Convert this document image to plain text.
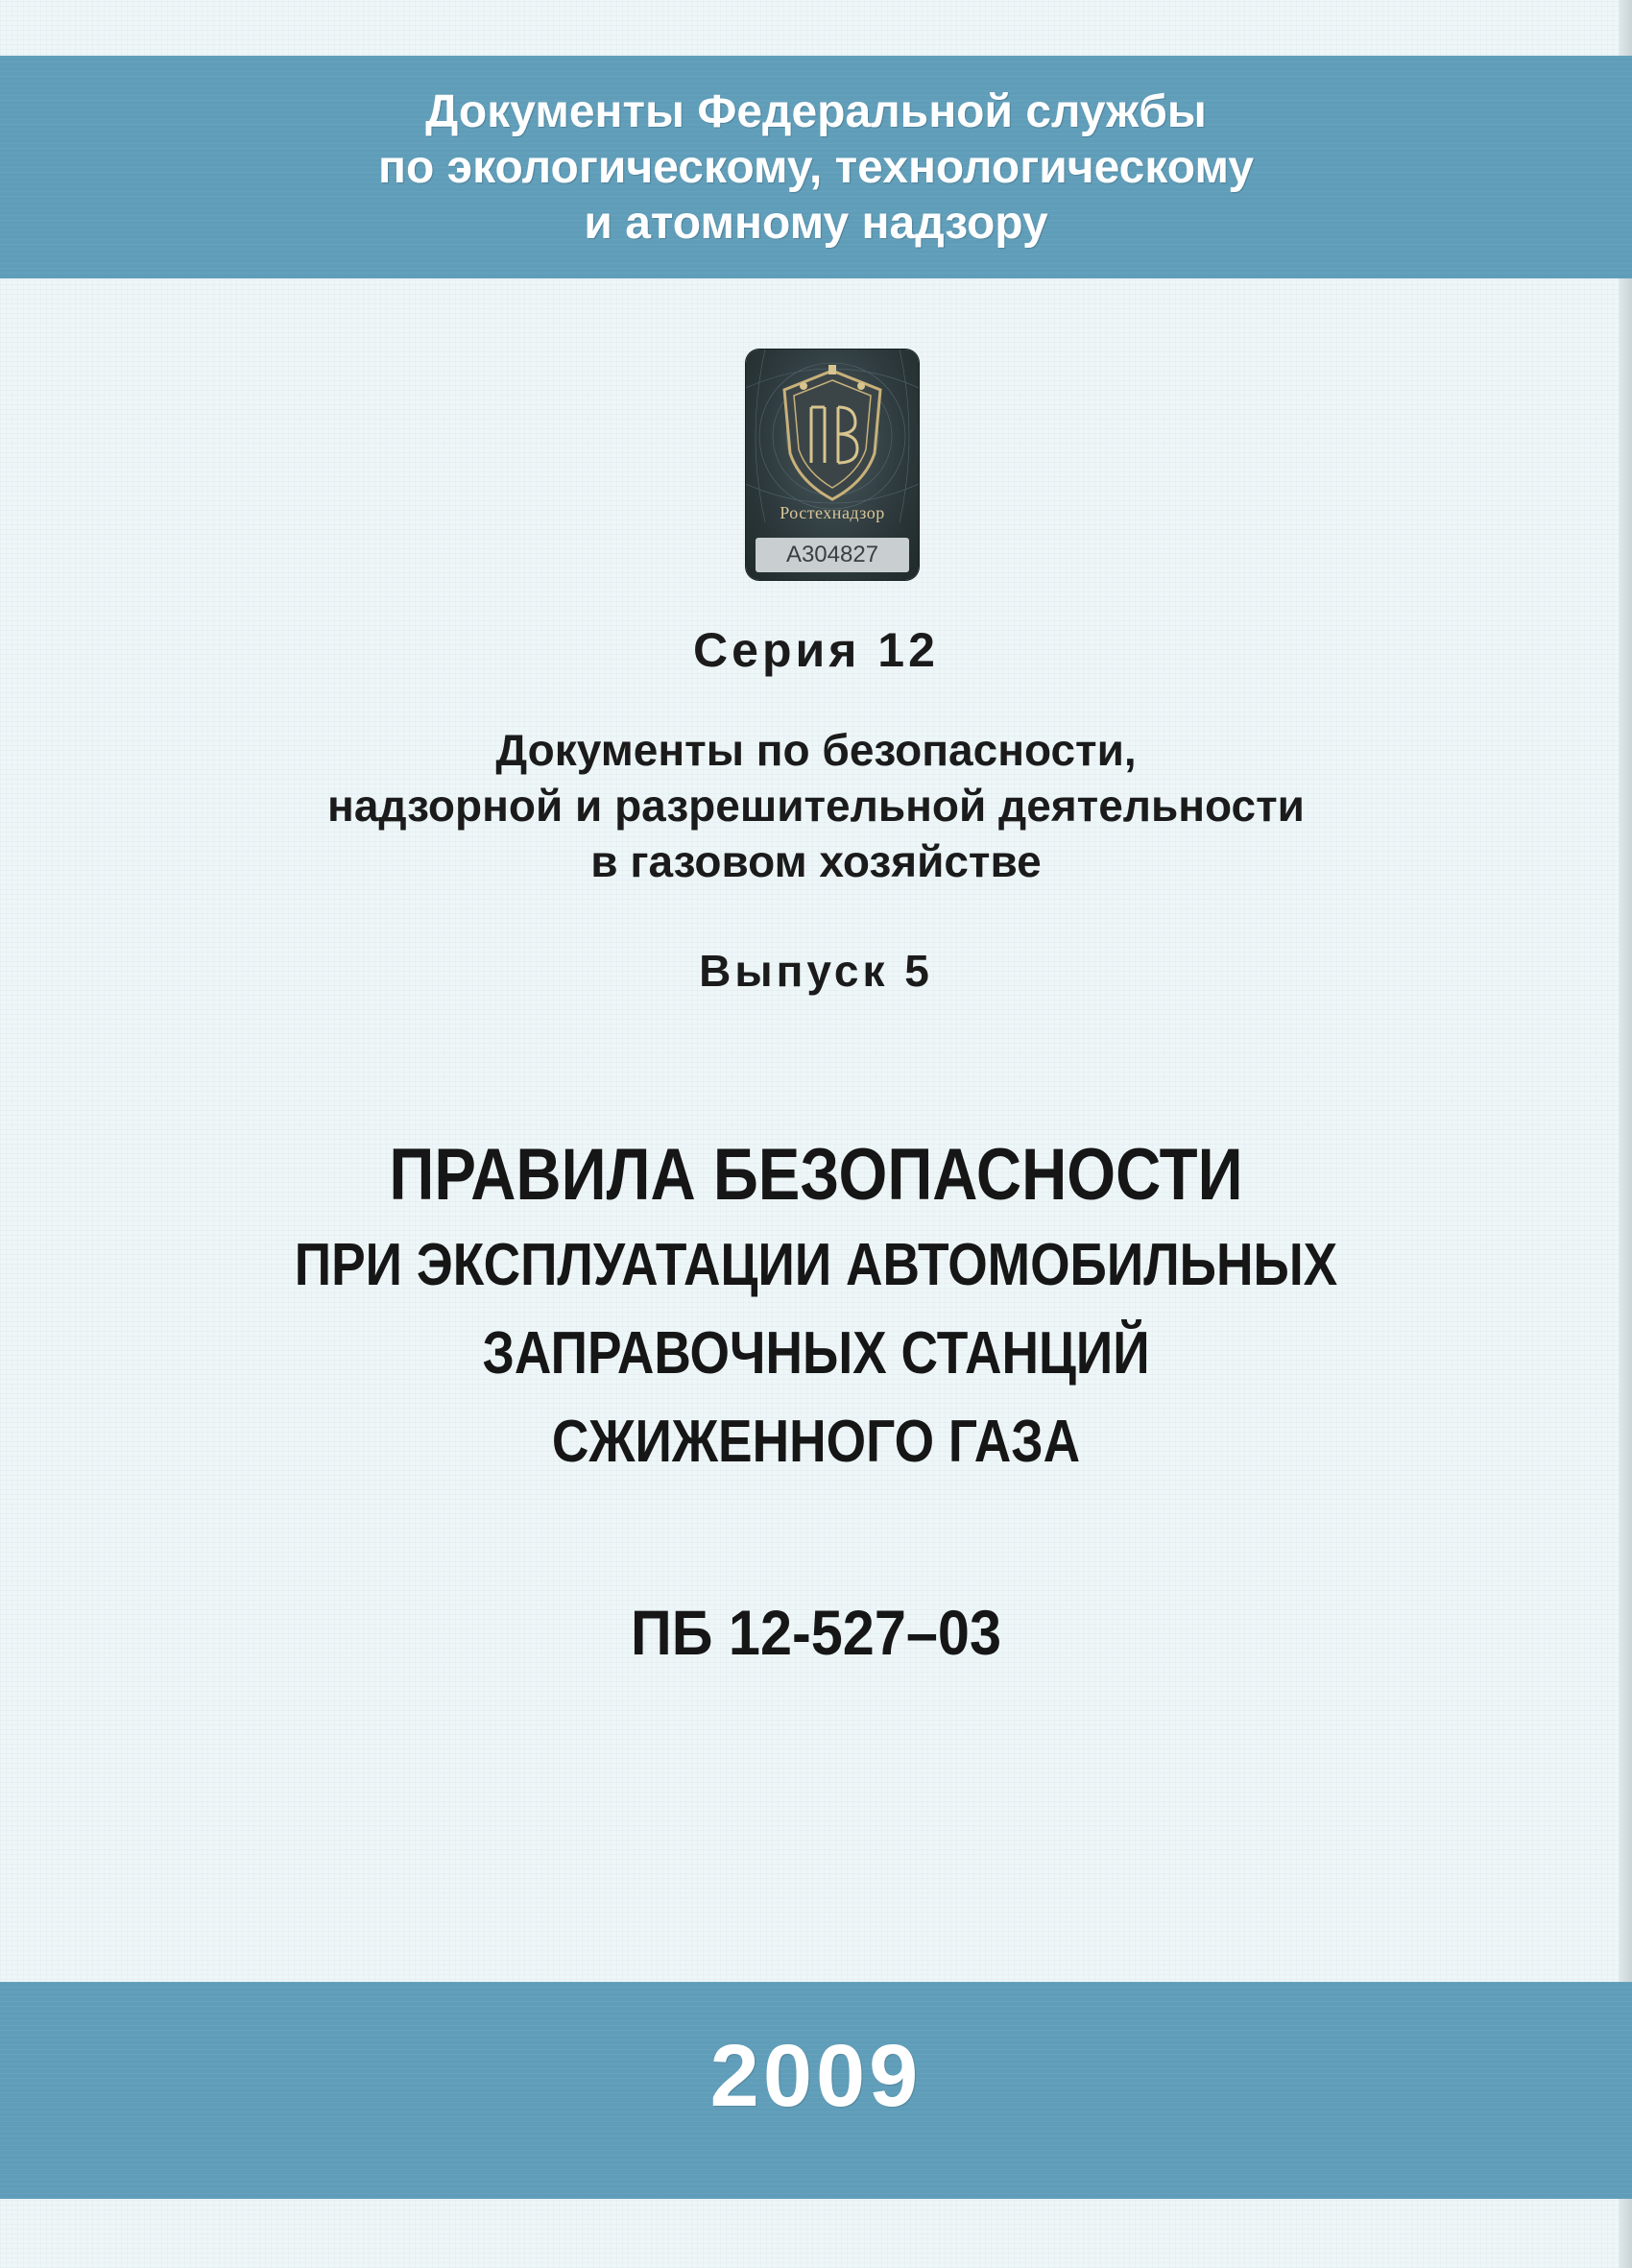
Документы Федеральной службы
по экологическому, технологическому
и атомному надзору
Ростехнадзор
А304827
Серия 12
Документы по безопасности,
надзорной и разрешительной деятельности
в газовом хозяйстве
Выпуск 5
ПРАВИЛА БЕЗОПАСНОСТИ
ПРИ ЭКСПЛУАТАЦИИ АВТОМОБИЛЬНЫХ
ЗАПРАВОЧНЫХ СТАНЦИЙ
СЖИЖЕННОГО ГАЗА
ПБ 12-527–03
2009
